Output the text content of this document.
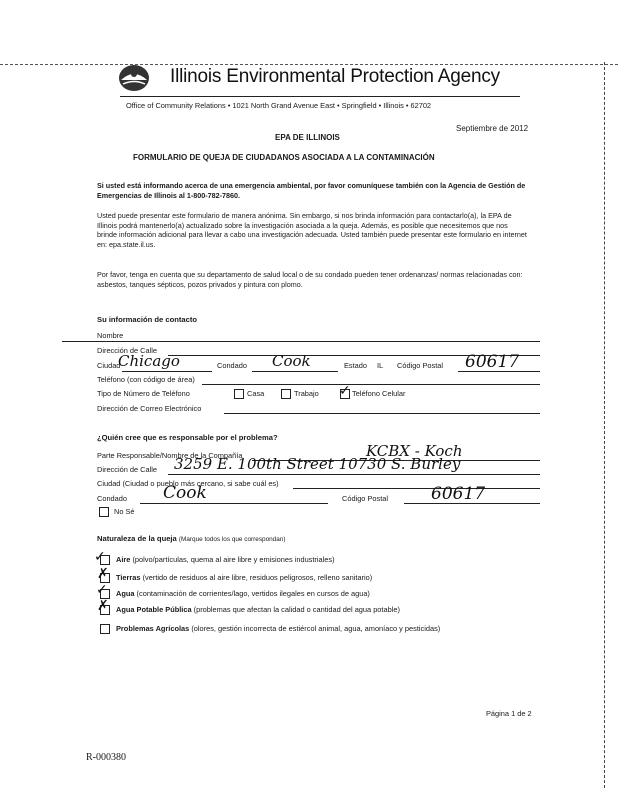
Illinois Environmental Protection Agency
Office of Community Relations • 1021 North Grand Avenue East • Springfield • Illinois • 62702
Septiembre de 2012
EPA DE ILLINOIS
FORMULARIO DE QUEJA DE CIUDADANOS ASOCIADA A LA CONTAMINACIÓN
Si usted está informando acerca de una emergencia ambiental, por favor comuníquese también con la Agencia de Gestión de Emergencias de Illinois al 1-800-782-7860.
Usted puede presentar este formulario de manera anónima. Sin embargo, si nos brinda información para contactarlo(a), la EPA de Illinois podrá mantenerlo(a) actualizado sobre la investigación asociada a la queja. Además, es posible que necesitemos que nos brinde información adicional para llevar a cabo una investigación adecuada. Usted también puede presentar este formulario en internet en: epa.state.il.us.
Por favor, tenga en cuenta que su departamento de salud local o de su condado pueden tener ordenanzas/ normas relacionadas con: asbestos, tanques sépticos, pozos privados y pintura con plomo.
Su información de contacto
Nombre
Dirección de Calle
Ciudad
Chicago	Condado Cook	Estado IL Código Postal 60617
Teléfono (con código de área)
Tipo de Número de Teléfono	Casa	Trabajo ✓ Teléfono Celular
Dirección de Correo Electrónico
¿Quién cree que es responsable por el problema?
Parte Responsable/Nombre de la Compañía	KCBX - Koch
Dirección de Calle 3259 E. 100th Street 10730 S. Burley
Ciudad (Ciudad o pueblo más cercano, si sabe cuál es)
Condado Cook	Código Postal	60617
No Sé
Naturaleza de la queja (Marque todos los que correspondan)
✓ Aire (polvo/partículas, quema al aire libre y emisiones industriales)
✗ Tierras (vertido de residuos al aire libre, residuos peligrosos, relleno sanitario)
✓ Agua (contaminación de corrientes/lago, vertidos ilegales en cursos de agua)
✗ Agua Potable Pública (problemas que afectan la calidad o cantidad del agua potable)
Problemas Agrícolas (olores, gestión incorrecta de estiércol animal, agua, amoníaco y pesticidas)
Página 1 de 2
R-000380
